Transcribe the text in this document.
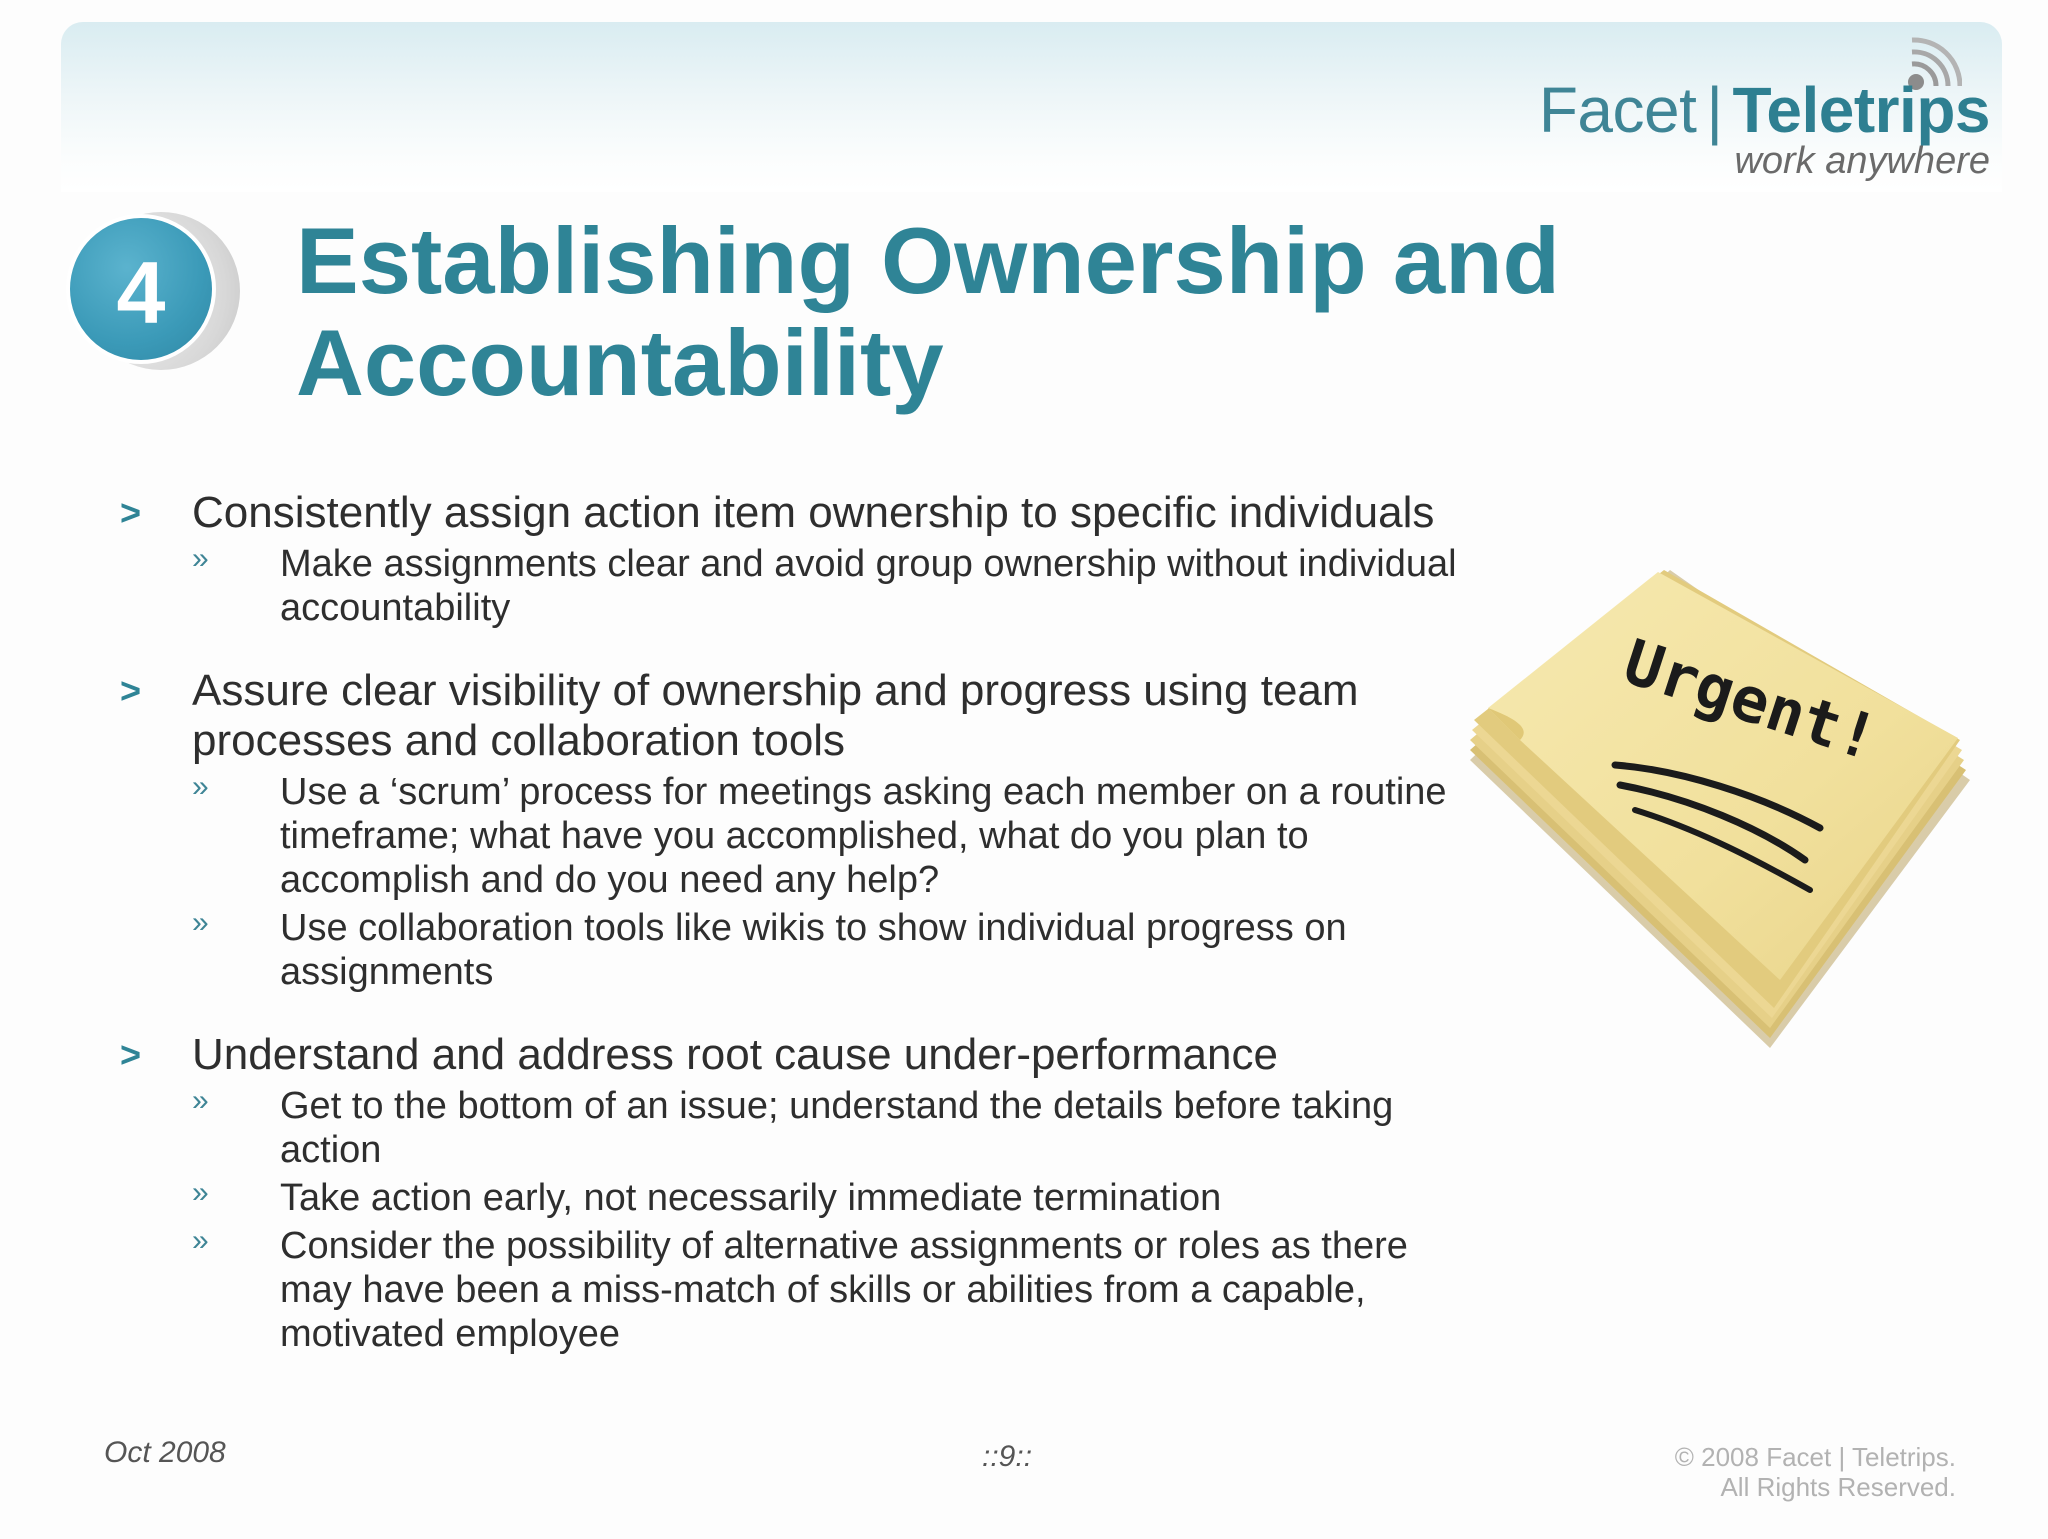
Facet | Teletrips
work anywhere
4	Establishing Ownership and
Accountability
> Consistently assign action item ownership to specific individuals
» Make assignments clear and avoid group ownership without individual accountability
> Assure clear visibility of ownership and progress using team processes and collaboration tools
» Use a ‘scrum’ process for meetings asking each member on a routine timeframe; what have you accomplished, what do you plan to accomplish and do you need any help?
» Use collaboration tools like wikis to show individual progress on assignments
> Understand and address root cause under-performance
» Get to the bottom of an issue; understand the details before taking action
» Take action early, not necessarily immediate termination
» Consider the possibility of alternative assignments or roles as there may have been a miss-match of skills or abilities from a capable, motivated employee
Urgent!
Oct 2008	::9::	© 2008 Facet | Teletrips.
All Rights Reserved.
